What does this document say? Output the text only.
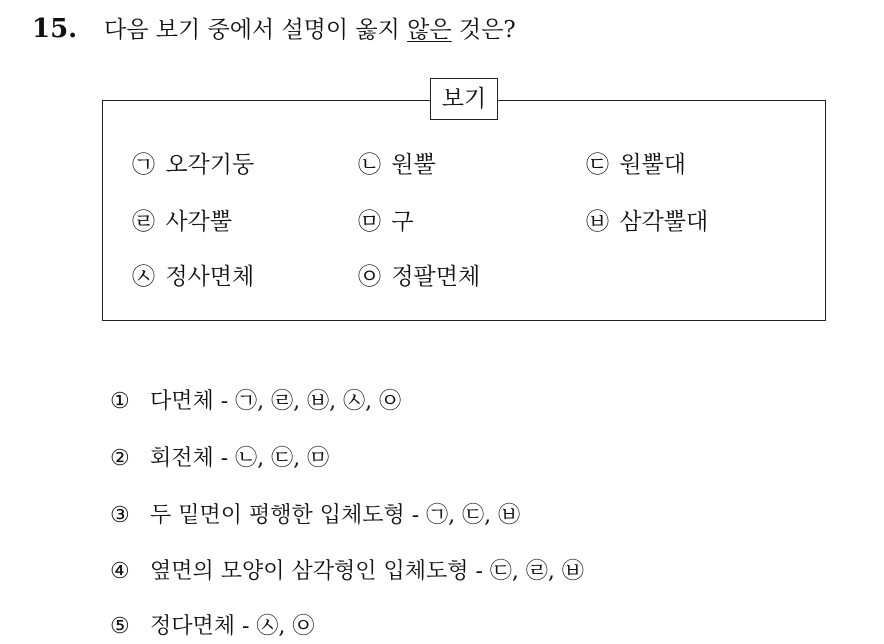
15. 다음 보기 중에서 설명이 옳지 않은 것은?
보기
㉠ 오각기둥	㉡ 원뿔	㉢ 원뿔대
㉣ 사각뿔	㉤ 구	㉥ 삼각뿔대
㉦ 정사면체	㉧ 정팔면체
① 다면체 - ㉠, ㉣, ㉥, ㉦, ㉧
② 회전체 - ㉡, ㉢, ㉤
③ 두 밑면이 평행한 입체도형 - ㉠, ㉢, ㉥
④ 옆면의 모양이 삼각형인 입체도형 - ㉢, ㉣, ㉥
⑤ 정다면체 - ㉦, ㉧
